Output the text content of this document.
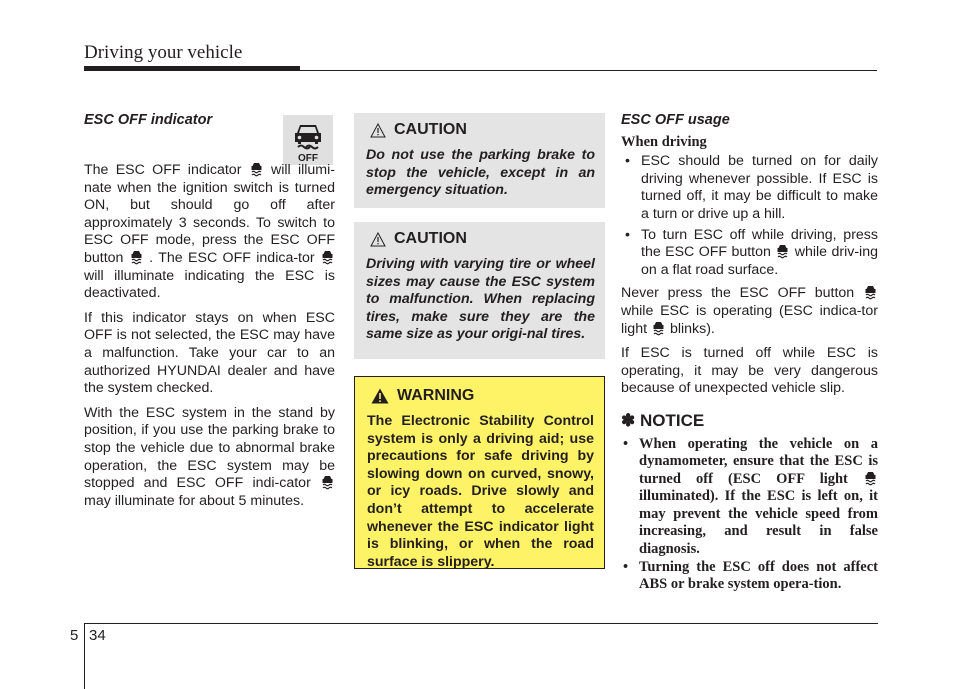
Driving your vehicle
OFF
ESC OFF indicator

The ESC OFF indicator will illumi-nate when the ignition switch is turned ON, but should go off after approximately 3 seconds. To switch to ESC OFF mode, press the ESC OFF button . The ESC OFF indica-tor  will illuminate indicating the ESC is deactivated.

If this indicator stays on when ESC OFF is not selected, the ESC may have a malfunction. Take your car to an authorized HYUNDAI dealer and have the system checked.

With the ESC system in the stand by position, if you use the parking brake to stop the vehicle due to abnormal brake operation, the ESC system may be stopped and ESC OFF indi-cator  may illuminate for about 5 minutes.

CAUTION

Do not use the parking brake to stop the vehicle, except in an emergency situation.

CAUTION

Driving with varying tire or wheel sizes may cause the ESC system to malfunction. When replacing tires, make sure they are the same size as your origi-nal tires.

WARNING

The Electronic Stability Control system is only a driving aid; use precautions for safe driving by slowing down on curved, snowy, or icy roads. Drive slowly and don’t attempt to accelerate whenever the ESC indicator light is blinking, or when the road surface is slippery.

ESC OFF usage
When driving
• ESC should be turned on for daily driving whenever possible. If ESC is turned off, it may be difficult to make a turn or drive up a hill.
• To turn ESC off while driving, press the ESC OFF button while driv-ing on a flat road surface.

Never press the ESC OFF button  while ESC is operating (ESC indica-tor light blinks).

If ESC is turned off while ESC is operating, it may be very dangerous because of unexpected vehicle slip.

✽ NOTICE
• When operating the vehicle on a dynamometer, ensure that the ESC is turned off (ESC OFF light  illuminated). If the ESC is left on, it may prevent the vehicle speed from increasing, and result in false diagnosis.
• Turning the ESC off does not affect ABS or brake system opera-tion.
5 34
